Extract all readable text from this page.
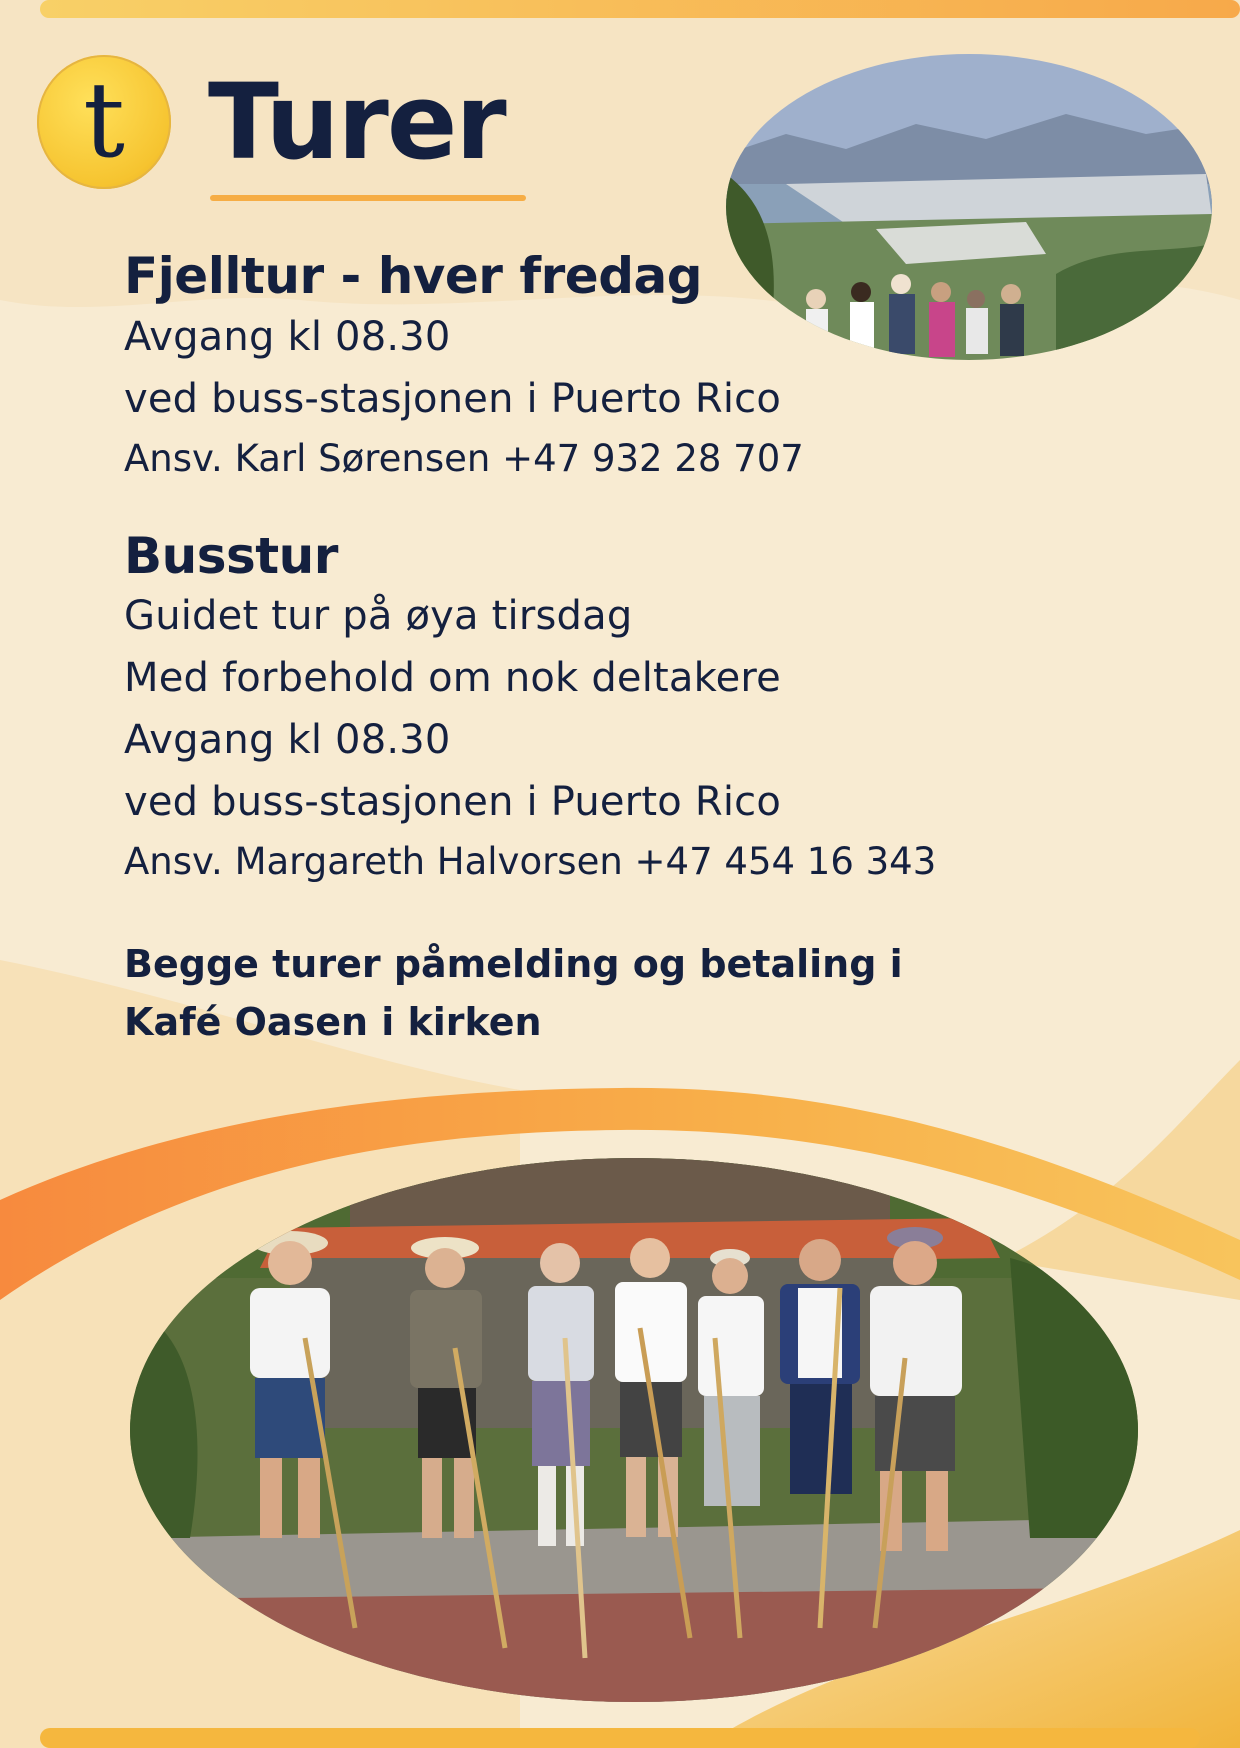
t Turer
Fjelltur - hver fredag

Avgang kl 08.30

ved buss-stasjonen i Puerto Rico

Ansv. Karl Sørensen +47 932 28 707

Busstur

Guidet tur på øya tirsdag

Med forbehold om nok deltakere

Avgang kl 08.30

ved buss-stasjonen i Puerto Rico

Ansv. Margareth Halvorsen +47 454 16 343

Begge turer påmelding og betaling i

Kafé Oasen i kirken
